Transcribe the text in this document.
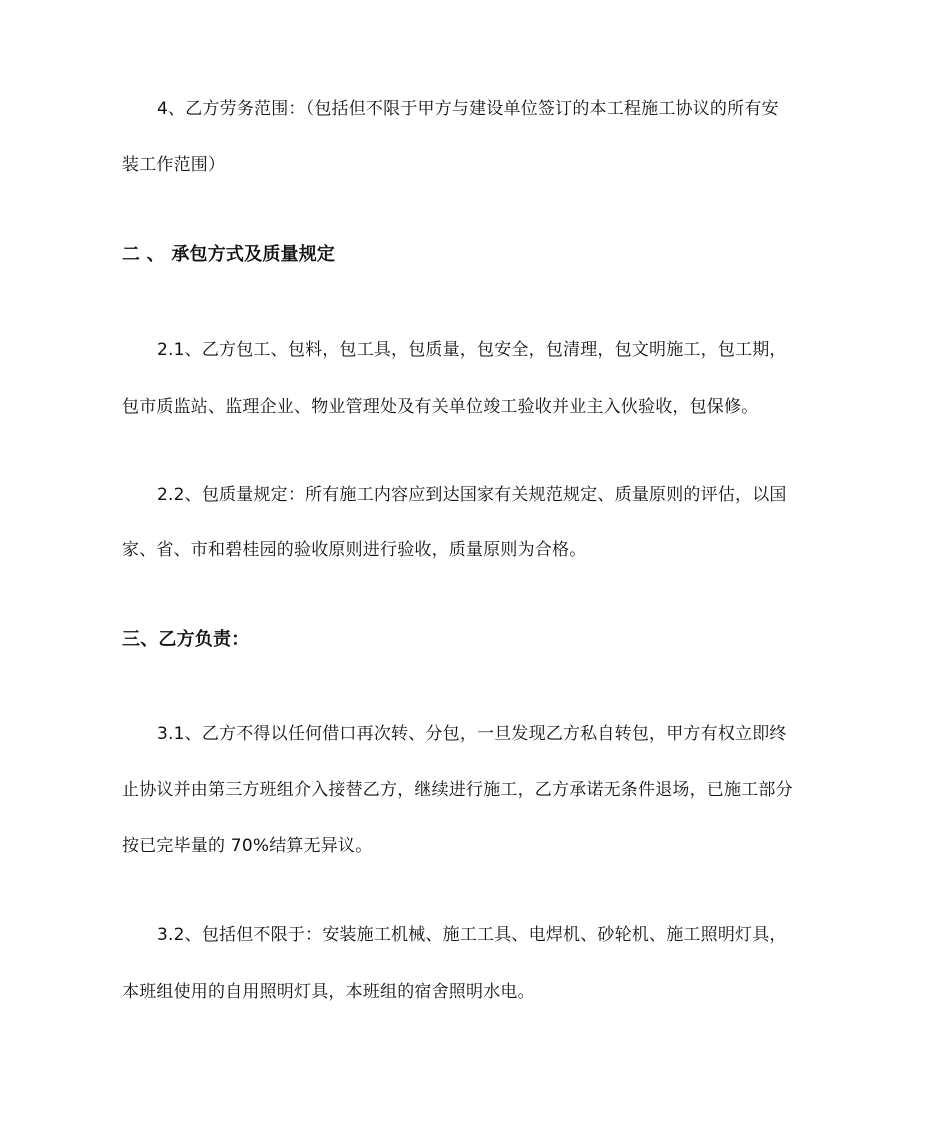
4、乙方劳务范围：（包括但不限于甲方与建设单位签订的本工程施工协议的所有安
装工作范围）
二 、 承包方式及质量规定
2.1、乙方包工、包料，包工具，包质量，包安全，包清理，包文明施工，包工期，
包市质监站、监理企业、物业管理处及有关单位竣工验收并业主入伙验收，包保修。
2.2、包质量规定：所有施工内容应到达国家有关规范规定、质量原则的评估，以国
家、省、市和碧桂园的验收原则进行验收，质量原则为合格。
三、乙方负责：
3.1、乙方不得以任何借口再次转、分包，一旦发现乙方私自转包，甲方有权立即终
止协议并由第三方班组介入接替乙方，继续进行施工，乙方承诺无条件退场，已施工部分
按已完毕量的 70%结算无异议。
3.2、包括但不限于：安装施工机械、施工工具、电焊机、砂轮机、施工照明灯具，
本班组使用的自用照明灯具，本班组的宿舍照明水电。
